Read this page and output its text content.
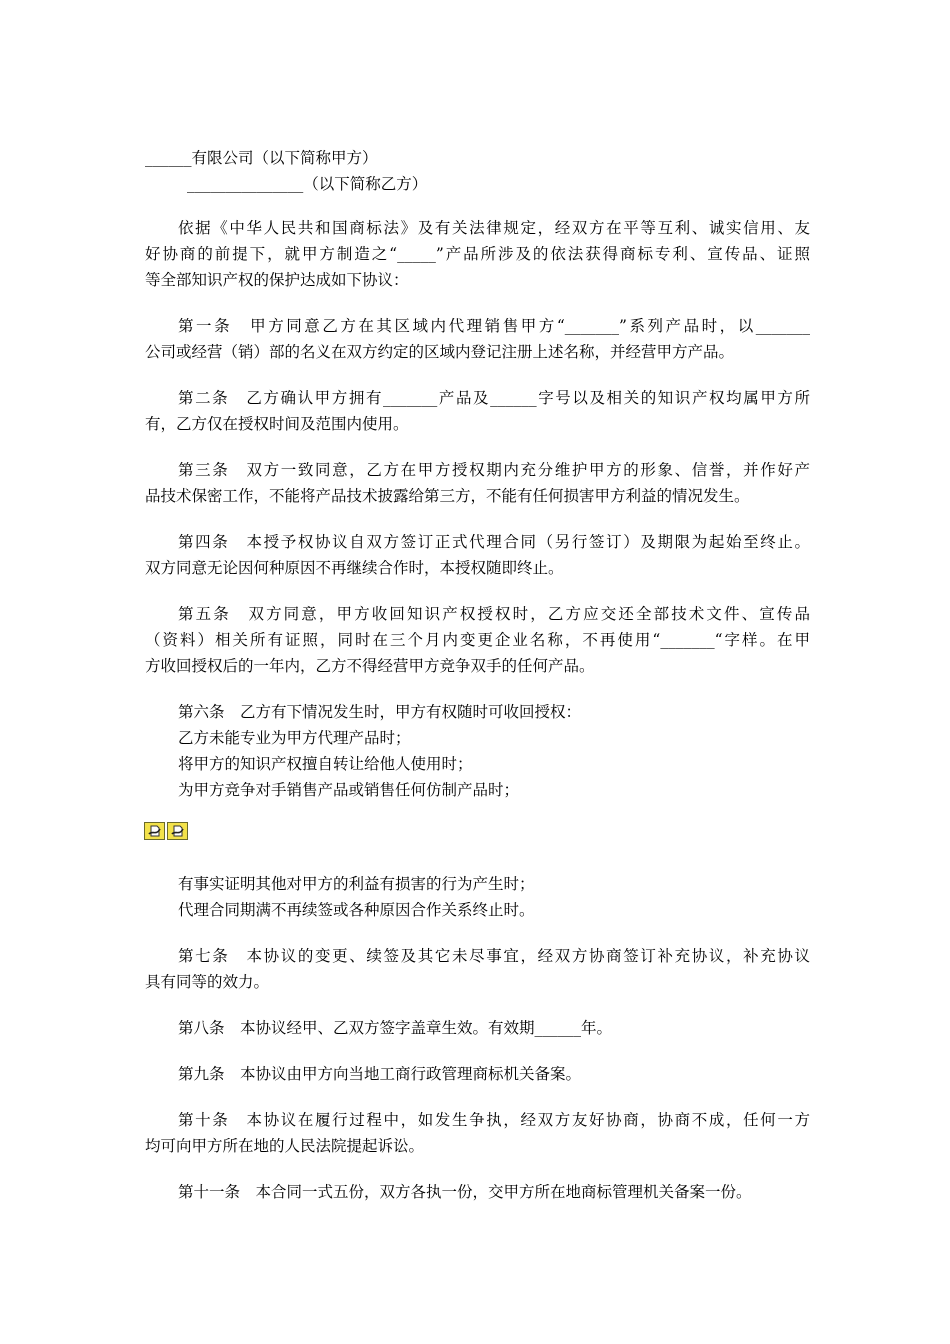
______有限公司（以下简称甲方）
_______________（以下简称乙方）
依据《中华人民共和国商标法》及有关法律规定，经双方在平等互利、诚实信用、友
好协商的前提下，就甲方制造之“_____”产品所涉及的依法获得商标专利、宣传品、证照
等全部知识产权的保护达成如下协议：
第一条　甲方同意乙方在其区域内代理销售甲方“_______”系列产品时，以_______
公司或经营（销）部的名义在双方约定的区域内登记注册上述名称，并经营甲方产品。
第二条　乙方确认甲方拥有_______产品及______字号以及相关的知识产权均属甲方所
有，乙方仅在授权时间及范围内使用。
第三条　双方一致同意，乙方在甲方授权期内充分维护甲方的形象、信誉，并作好产
品技术保密工作，不能将产品技术披露给第三方，不能有任何损害甲方利益的情况发生。
第四条　本授予权协议自双方签订正式代理合同（另行签订）及期限为起始至终止。
双方同意无论因何种原因不再继续合作时，本授权随即终止。
第五条　双方同意，甲方收回知识产权授权时，乙方应交还全部技术文件、宣传品
（资料）相关所有证照，同时在三个月内变更企业名称，不再使用“_______“字样。在甲
方收回授权后的一年内，乙方不得经营甲方竞争双手的任何产品。
第六条　乙方有下情况发生时，甲方有权随时可收回授权：
乙方未能专业为甲方代理产品时；
将甲方的知识产权擅自转让给他人使用时；
为甲方竞争对手销售产品或销售任何仿制产品时；
有事实证明其他对甲方的利益有损害的行为产生时；
代理合同期满不再续签或各种原因合作关系终止时。
第七条　本协议的变更、续签及其它未尽事宜，经双方协商签订补充协议，补充协议
具有同等的效力。
第八条　本协议经甲、乙双方签字盖章生效。有效期______年。
第九条　本协议由甲方向当地工商行政管理商标机关备案。
第十条　本协议在履行过程中，如发生争执，经双方友好协商，协商不成，任何一方
均可向甲方所在地的人民法院提起诉讼。
第十一条　本合同一式五份，双方各执一份，交甲方所在地商标管理机关备案一份。
